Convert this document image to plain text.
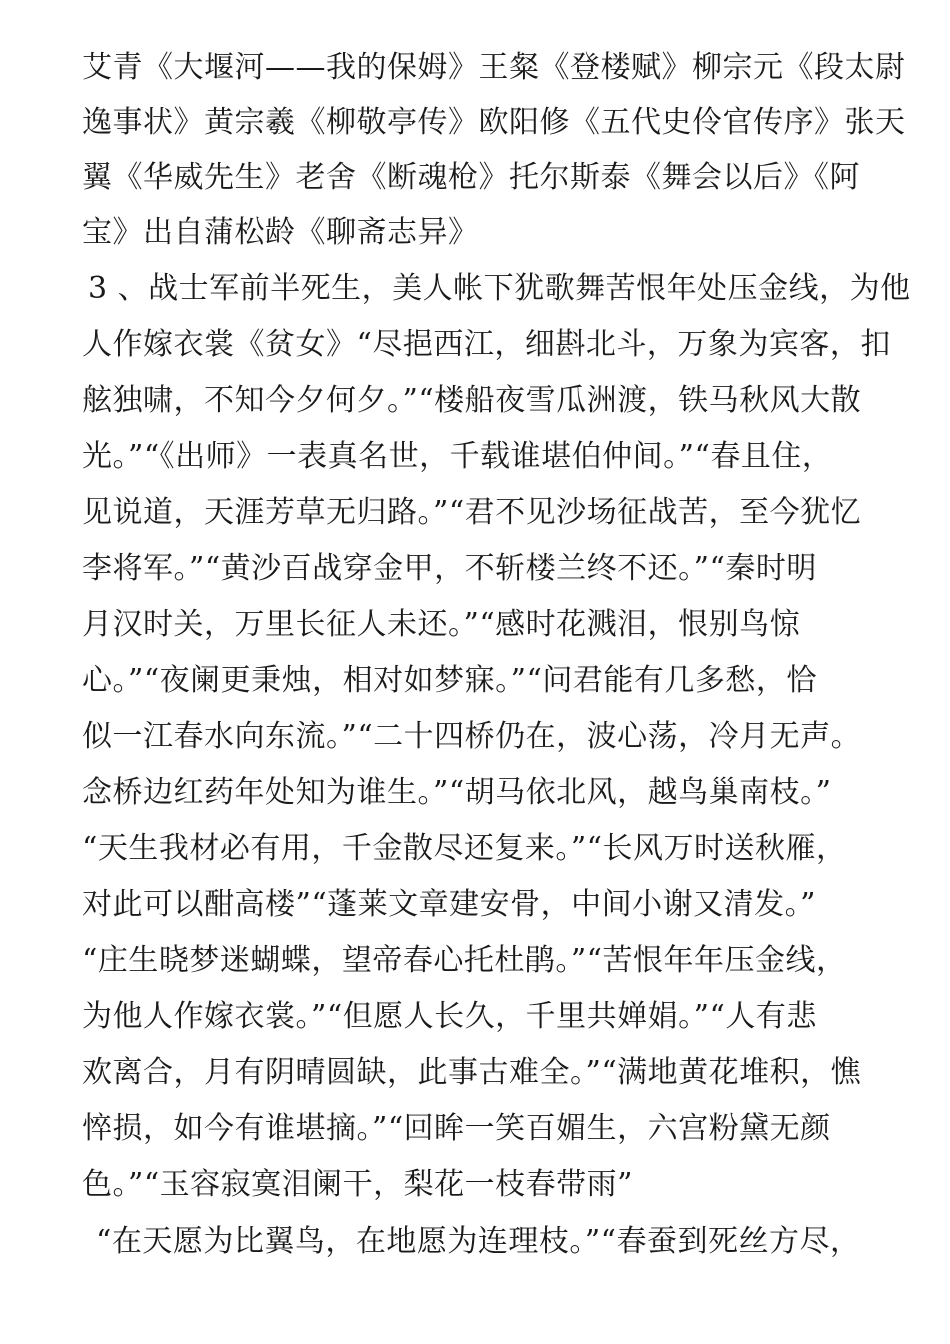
艾青《大堰河——我的保姆》王粲《登楼赋》柳宗元《段太尉
逸事状》黄宗羲《柳敬亭传》欧阳修《五代史伶官传序》张天
翼《华威先生》老舍《断魂枪》托尔斯泰《舞会以后》《阿
宝》出自蒲松龄《聊斋志异》
3 、战士军前半死生，美人帐下犹歌舞苦恨年处压金线，为他
人作嫁衣裳《贫女》“尽挹西江，细斟北斗，万象为宾客，扣
舷独啸，不知今夕何夕。”“楼船夜雪瓜洲渡，铁马秋风大散
光。”“《出师》一表真名世，千载谁堪伯仲间。”“春且住，
见说道，天涯芳草无归路。”“君不见沙场征战苦，至今犹忆
李将军。”“黄沙百战穿金甲，不斩楼兰终不还。”“秦时明
月汉时关，万里长征人未还。”“感时花溅泪，恨别鸟惊
心。”“夜阑更秉烛，相对如梦寐。”“问君能有几多愁，恰
似一江春水向东流。”“二十四桥仍在，波心荡，冷月无声。
念桥边红药年处知为谁生。”“胡马依北风，越鸟巢南枝。”
“天生我材必有用，千金散尽还复来。”“长风万时送秋雁，
对此可以酣高楼”“蓬莱文章建安骨，中间小谢又清发。”
“庄生晓梦迷蝴蝶，望帝春心托杜鹃。”“苦恨年年压金线，
为他人作嫁衣裳。”“但愿人长久，千里共婵娟。”“人有悲
欢离合，月有阴晴圆缺，此事古难全。”“满地黄花堆积，憔
悴损，如今有谁堪摘。”“回眸一笑百媚生，六宫粉黛无颜
色。”“玉容寂寞泪阑干，梨花一枝春带雨”
“在天愿为比翼鸟，在地愿为连理枝。”“春蚕到死丝方尽，
